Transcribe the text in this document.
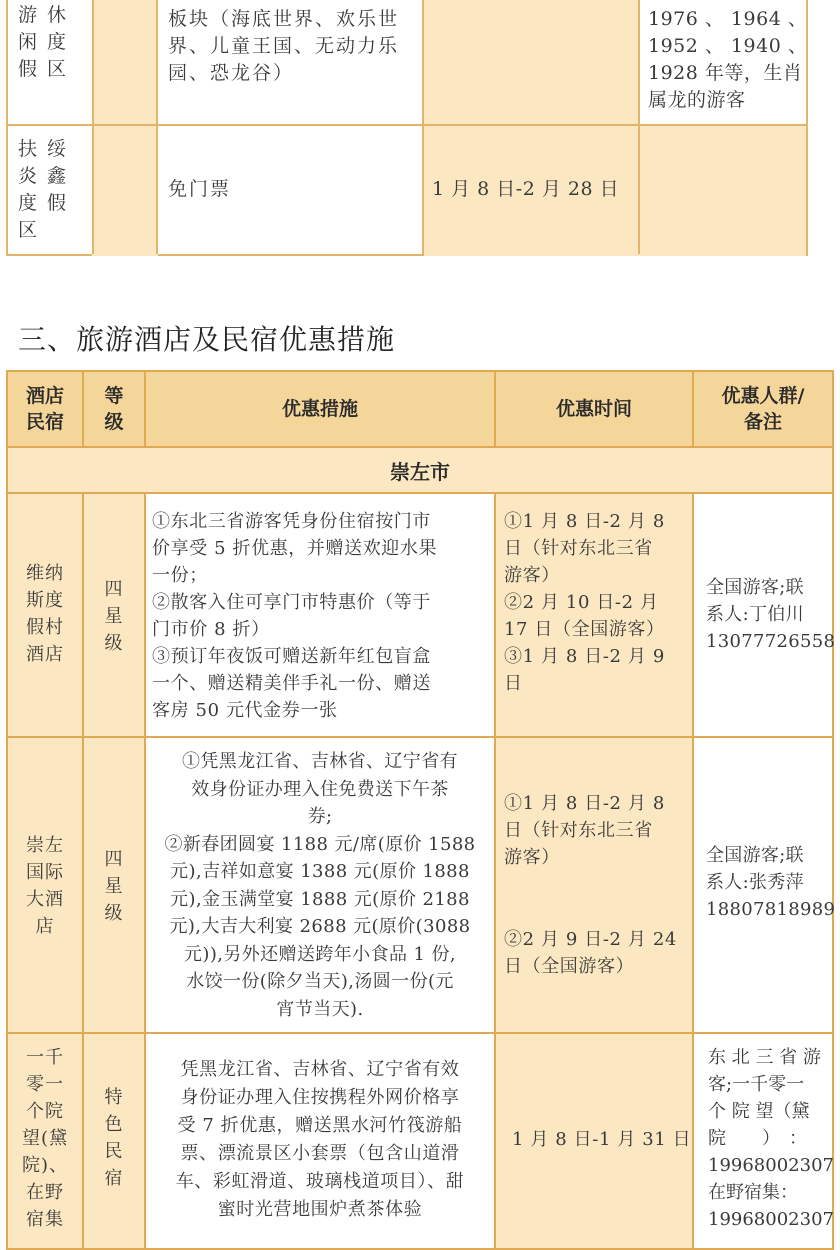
游 休
闲 度
假 区
板块（海底世界、欢乐世
界、儿童王国、无动力乐
园、恐龙谷）
1976 、 1964 、
1952 、 1940 、
1928 年等，生肖
属龙的游客
扶 绥
炎 鑫
度 假
区
免门票	1 月 8 日-2 月 28 日
三、旅游酒店及民宿优惠措施
酒店
民宿
等
级
优惠措施	优惠时间
优惠人群/
备注
崇左市
维纳
斯度
假村
酒店
四
星
级
①东北三省游客凭身份住宿按门市
价享受 5 折优惠，并赠送欢迎水果
一份；
②散客入住可享门市特惠价（等于
门市价 8 折）
③预订年夜饭可赠送新年红包盲盒
一个、赠送精美伴手礼一份、赠送
客房 50 元代金券一张
①1 月 8 日-2 月 8
日（针对东北三省
游客）
②2 月 10 日-2 月
17 日（全国游客）
③1 月 8 日-2 月 9
日
全国游客;联
系人:丁伯川
13077726558
崇左
国际
大酒
店
四
星
级
①凭黑龙江省、吉林省、辽宁省有
效身份证办理入住免费送下午茶
券;
②新春团圆宴 1188 元/席(原价 1588
元),吉祥如意宴 1388 元(原价 1888
元),金玉满堂宴 1888 元(原价 2188
元),大吉大利宴 2688 元(原价(3088
元)),另外还赠送跨年小食品 1 份,
水饺一份(除夕当天),汤圆一份(元
宵节当天).
①1 月 8 日-2 月 8
日（针对东北三省
游客）
②2 月 9 日-2 月 24
日（全国游客）
全国游客;联
系人:张秀萍
18807818989
一千
零一
个院
望(黛
院)、
在野
宿集
特
色
民
宿
凭黑龙江省、吉林省、辽宁省有效
身份证办理入住按携程外网价格享
受 7 折优惠，赠送黑水河竹筏游船
票、漂流景区小套票（包含山道滑
车、彩虹滑道、玻璃栈道项目）、甜
蜜时光营地围炉煮茶体验
1 月 8 日-1 月 31 日
东 北 三 省 游
客;一千零一
个 院 望（黛
院　　）　：
19968002307
在野宿集：
19968002307
